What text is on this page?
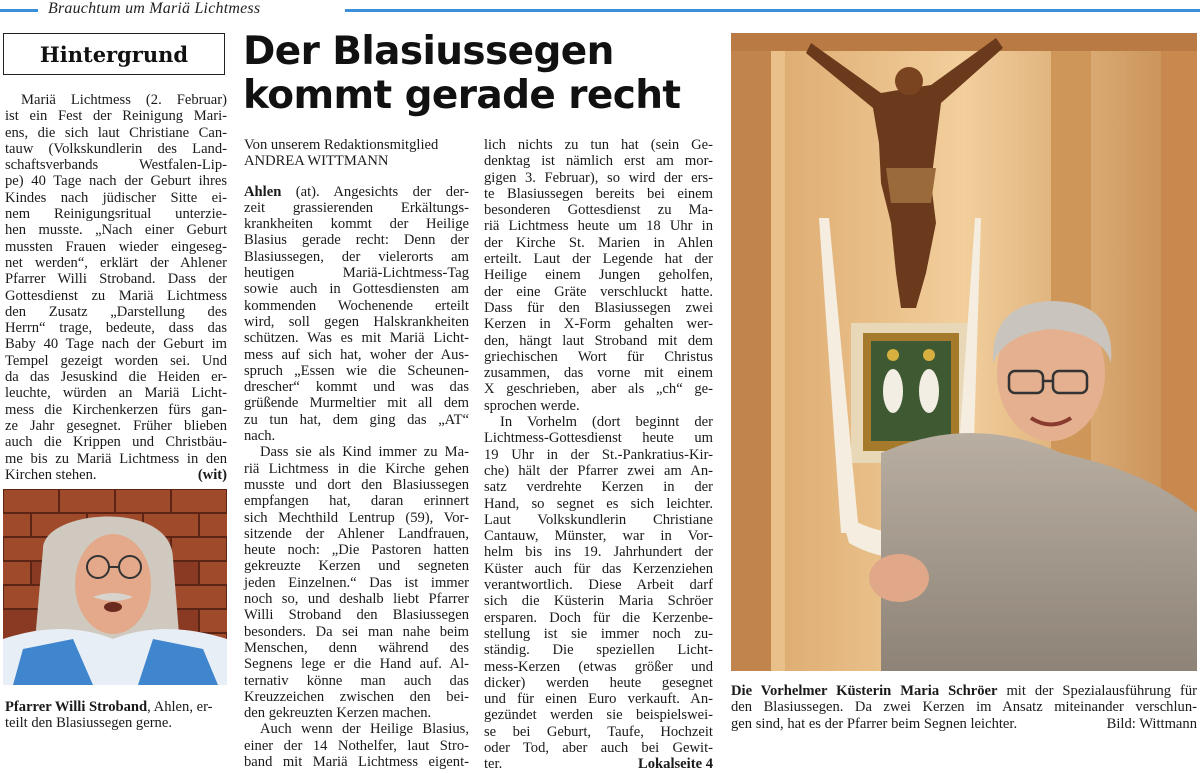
Brauchtum um Mariä Lichtmess
Hintergrund
Mariä Lichtmess (2. Februar)
ist ein Fest der Reinigung Mari-
ens, die sich laut Christiane Can-
tauw (Volkskundlerin des Land-
schaftsverbands Westfalen-Lip-
pe) 40 Tage nach der Geburt ihres
Kindes nach jüdischer Sitte ei-
nem Reinigungsritual unterzie-
hen musste. „Nach einer Geburt
mussten Frauen wieder eingeseg-
net werden“, erklärt der Ahlener
Pfarrer Willi Stroband. Dass der
Gottesdienst zu Mariä Lichtmess
den Zusatz „Darstellung des
Herrn“ trage, bedeute, dass das
Baby 40 Tage nach der Geburt im
Tempel gezeigt worden sei. Und
da das Jesuskind die Heiden er-
leuchte, würden an Mariä Licht-
mess die Kirchenkerzen fürs gan-
ze Jahr gesegnet. Früher blieben
auch die Krippen und Christbäu-
me bis zu Mariä Lichtmess in den
Kirchen stehen.	(wit)
Der Blasiussegen
kommt gerade recht
Von unserem Redaktionsmitglied
ANDREA WITTMANN
Ahlen (at). Angesichts der der-
zeit grassierenden Erkältungs-
krankheiten kommt der Heilige
Blasius gerade recht: Denn der
Blasiussegen, der vielerorts am
heutigen Mariä-Lichtmess-Tag
sowie auch in Gottesdiensten am
kommenden Wochenende erteilt
wird, soll gegen Halskrankheiten
schützen. Was es mit Mariä Licht-
mess auf sich hat, woher der Aus-
spruch „Essen wie die Scheunen-
drescher“ kommt und was das
grüßende Murmeltier mit all dem
zu tun hat, dem ging das „AT“
nach.
Dass sie als Kind immer zu Ma-
riä Lichtmess in die Kirche gehen
musste und dort den Blasiussegen
empfangen hat, daran erinnert
sich Mechthild Lentrup (59), Vor-
sitzende der Ahlener Landfrauen,
heute noch: „Die Pastoren hatten
gekreuzte Kerzen und segneten
jeden Einzelnen.“ Das ist immer
noch so, und deshalb liebt Pfarrer
Willi Stroband den Blasiussegen
besonders. Da sei man nahe beim
Menschen, denn während des
Segnens lege er die Hand auf. Al-
ternativ könne man auch das
Kreuzzeichen zwischen den bei-
den gekreuzten Kerzen machen.
Auch wenn der Heilige Blasius,
einer der 14 Nothelfer, laut Stro-
band mit Mariä Lichtmess eigent-
lich nichts zu tun hat (sein Ge-
denktag ist nämlich erst am mor-
gigen 3. Februar), so wird der ers-
te Blasiussegen bereits bei einem
besonderen Gottesdienst zu Ma-
riä Lichtmess heute um 18 Uhr in
der Kirche St. Marien in Ahlen
erteilt. Laut der Legende hat der
Heilige einem Jungen geholfen,
der eine Gräte verschluckt hatte.
Dass für den Blasiussegen zwei
Kerzen in X-Form gehalten wer-
den, hängt laut Stroband mit dem
griechischen Wort für Christus
zusammen, das vorne mit einem
X geschrieben, aber als „ch“ ge-
sprochen werde.
In Vorhelm (dort beginnt der
Lichtmess-Gottesdienst heute um
19 Uhr in der St.-Pankratius-Kir-
che) hält der Pfarrer zwei am An-
satz verdrehte Kerzen in der
Hand, so segnet es sich leichter.
Laut Volkskundlerin Christiane
Cantauw, Münster, war in Vor-
helm bis ins 19. Jahrhundert der
Küster auch für das Kerzenziehen
verantwortlich. Diese Arbeit darf
sich die Küsterin Maria Schröer
ersparen. Doch für die Kerzenbe-
stellung ist sie immer noch zu-
ständig. Die speziellen Licht-
mess-Kerzen (etwas größer und
dicker) werden heute gesegnet
und für einen Euro verkauft. An-
gezündet werden sie beispielswei-
se bei Geburt, Taufe, Hochzeit
oder Tod, aber auch bei Gewit-
ter.	Lokalseite 4
Pfarrer Willi Stroband, Ahlen, er-
teilt den Blasiussegen gerne.
Die Vorhelmer Küsterin Maria Schröer mit der Spezialausführung für
den Blasiussegen. Da zwei Kerzen im Ansatz miteinander verschlun-
gen sind, hat es der Pfarrer beim Segnen leichter.	Bild: Wittmann
